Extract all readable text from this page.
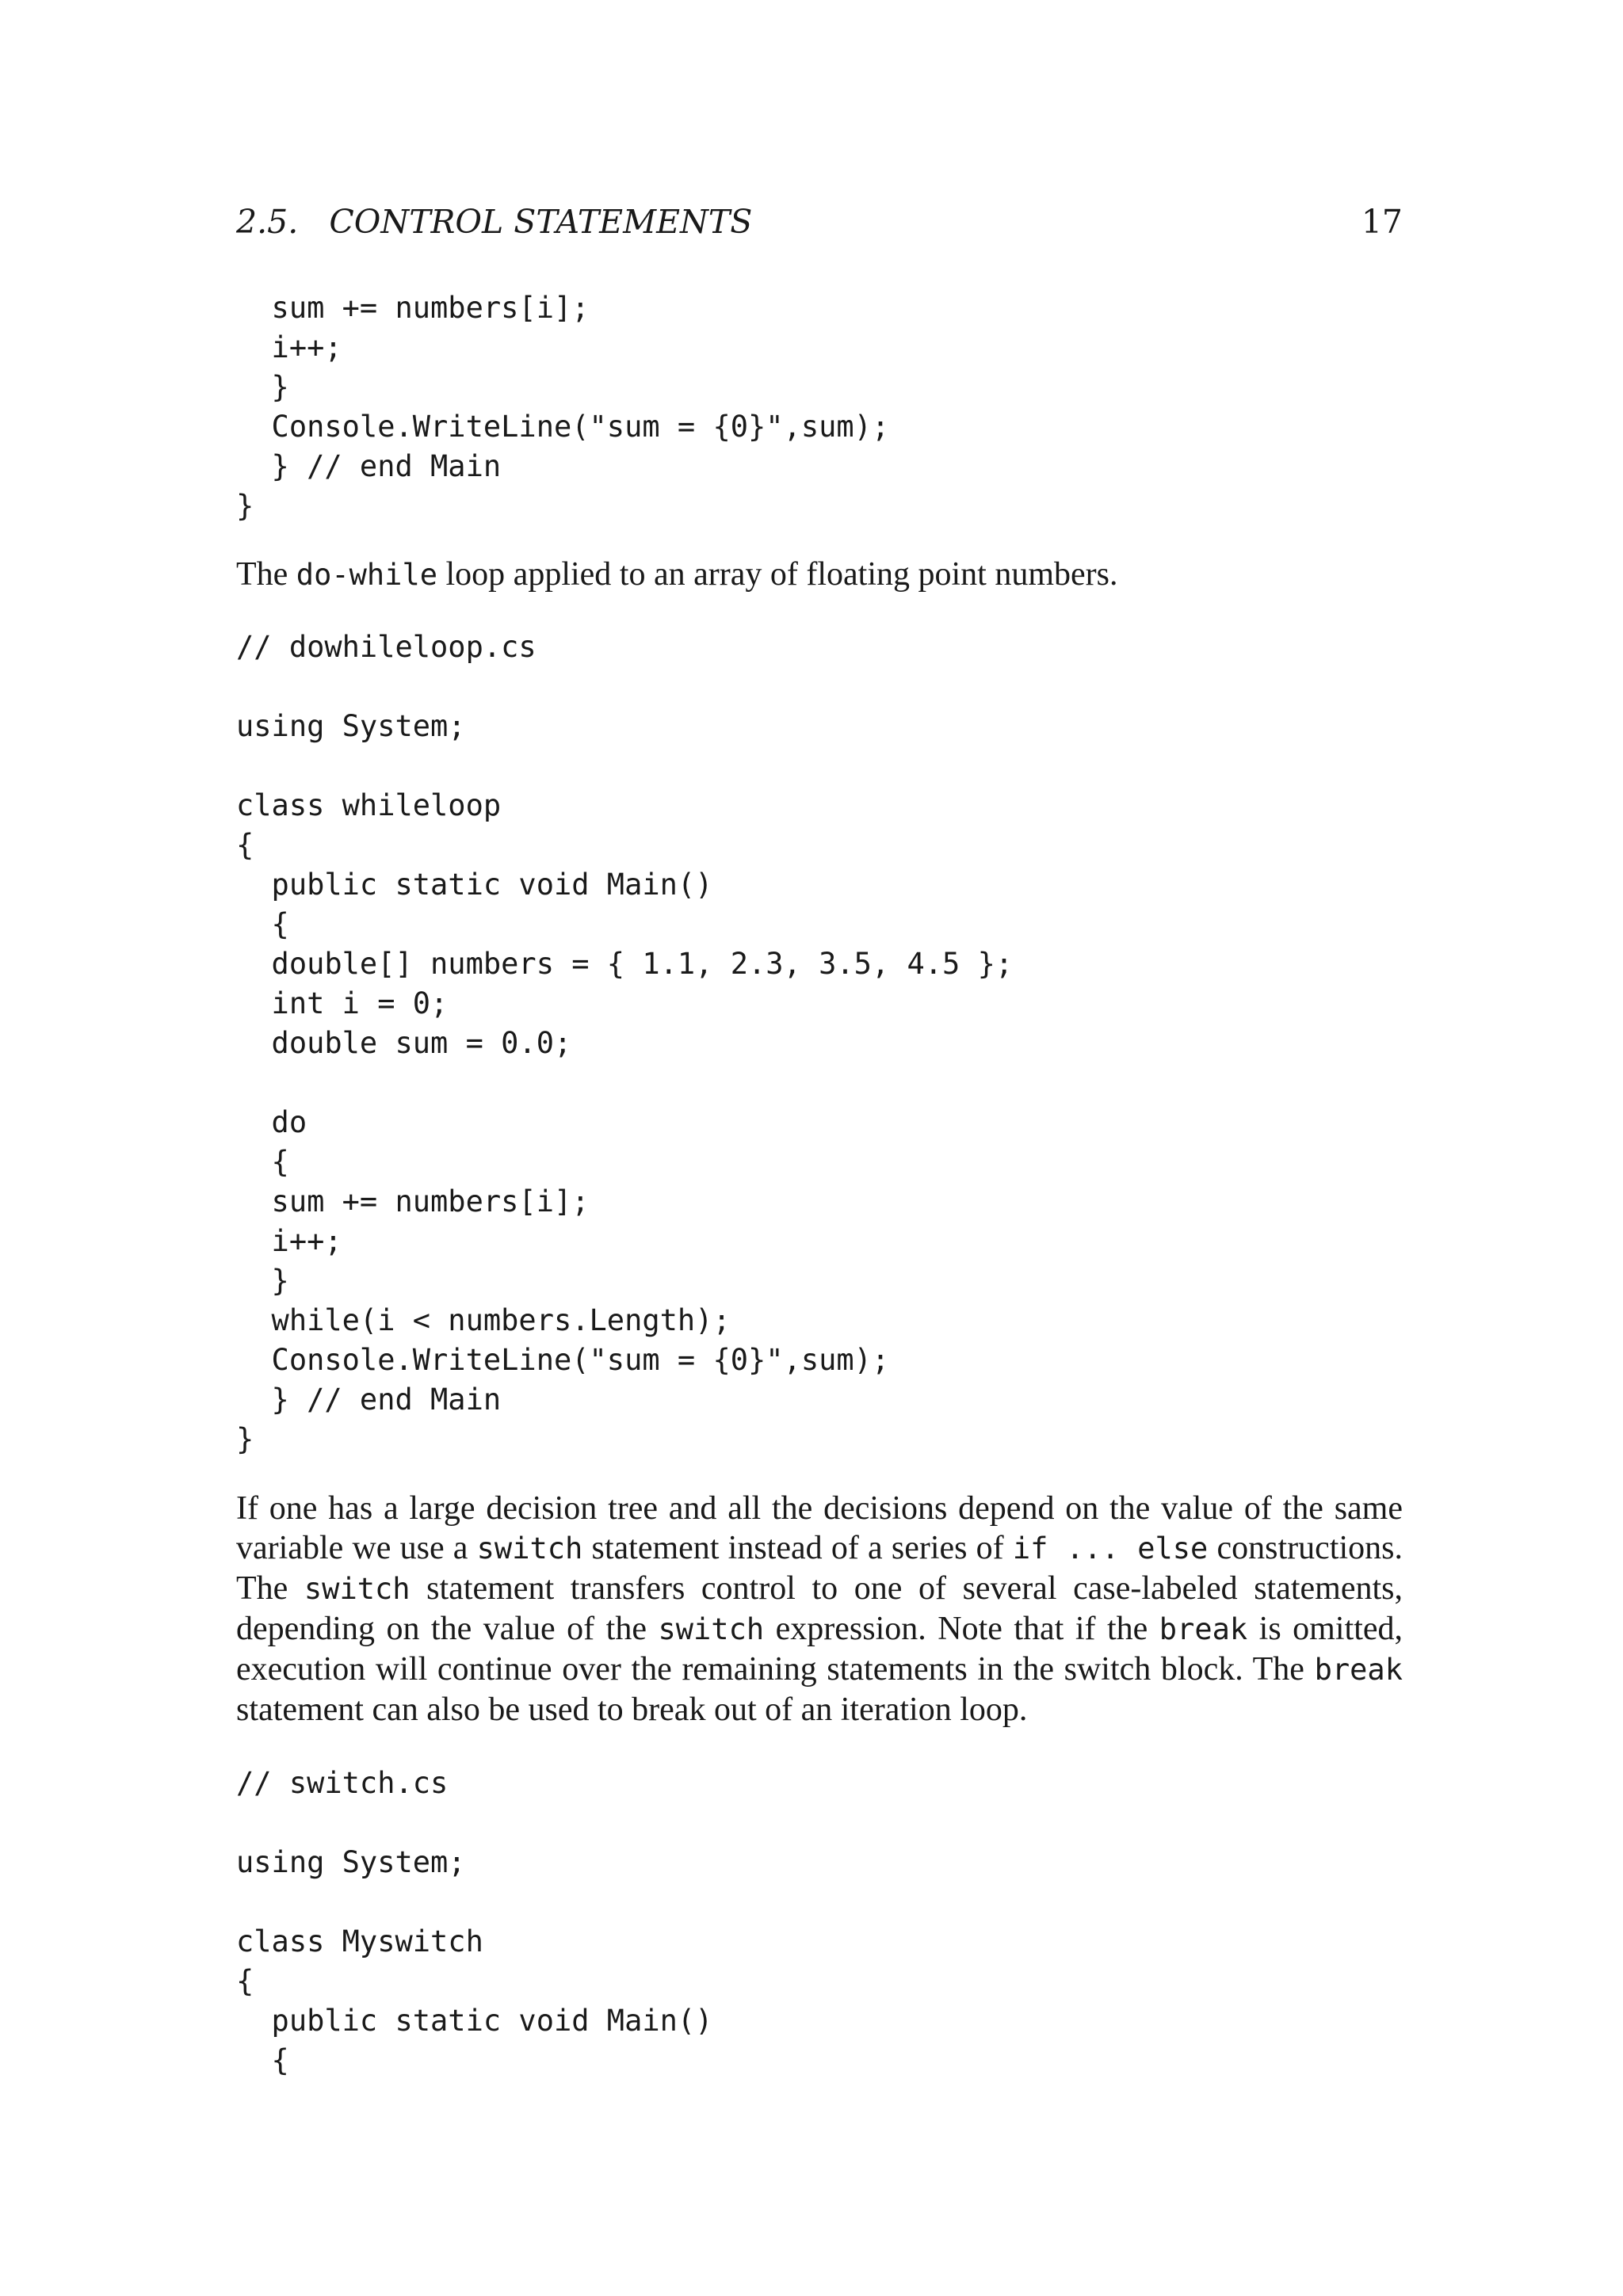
2.5.   CONTROL STATEMENTS	17
sum += numbers[i];
i++;
}
Console.WriteLine("sum = {0}",sum);
} // end Main
}

The do-while loop applied to an array of floating point numbers.

// dowhileloop.cs
using System;
class whileloop
{
public static void Main()
{
double[] numbers = { 1.1, 2.3, 3.5, 4.5 };
int i = 0;
double sum = 0.0;
do
{
sum += numbers[i];
i++;
}
while(i < numbers.Length);
Console.WriteLine("sum = {0}",sum);
} // end Main
}

If one has a large decision tree and all the decisions depend on the value of the same variable we use a switch statement instead of a series of if ... else constructions. The switch statement transfers control to one of several case-labeled statements, depending on the value of the switch expression. Note that if the break is omitted, execution will continue over the remaining statements in the switch block. The break statement can also be used to break out of an iteration loop.

// switch.cs
using System;
class Myswitch
{
public static void Main()
{
